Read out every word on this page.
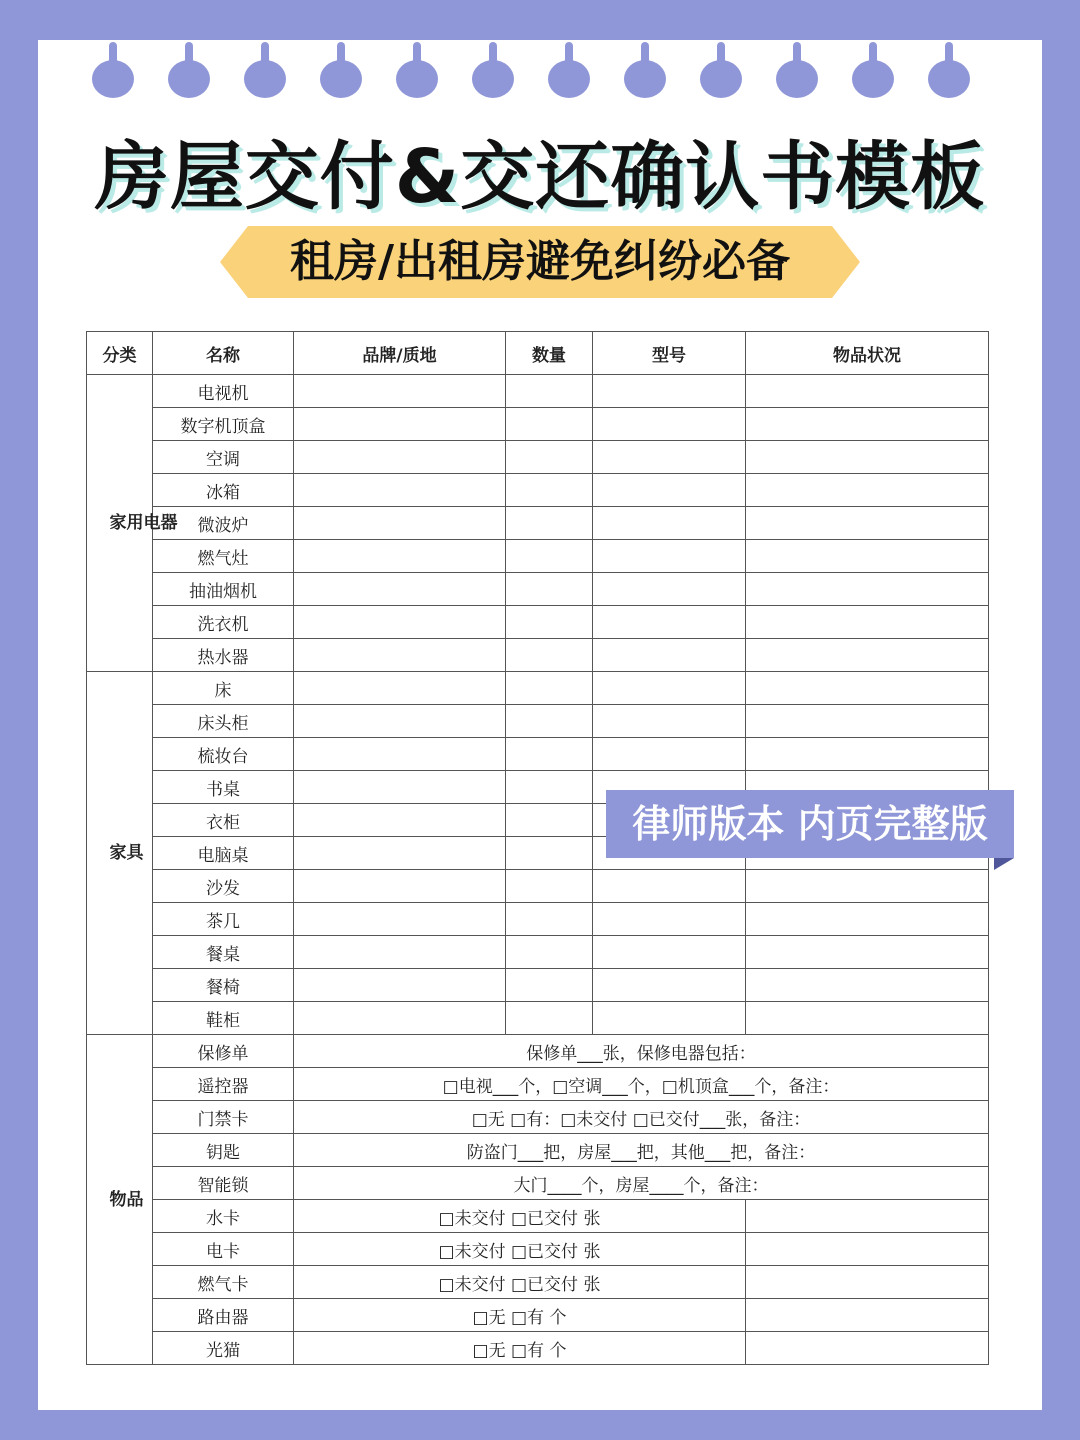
房屋交付&交还确认书模板
租房/出租房避免纠纷必备
分类	名称	品牌/质地	数量	型号	物品状况
家用电器	电视机				
	数字机顶盒				
	空调				
	冰箱				
	微波炉				
	燃气灶				
	抽油烟机				
	洗衣机				
	热水器				
家具	床				
	床头柜				
	梳妆台				
	书桌				
	衣柜				
	电脑桌				
	沙发				
	茶几				
	餐桌				
	餐椅				
	鞋柜				
物品	保修单	保修单___张，保修电器包括：			
	遥控器	□电视___个，□空调___个，□机顶盒___个，备注：			
	门禁卡	□无 □有：□未交付 □已交付___张，备注：			
	钥匙	防盗门___把，房屋___把，其他___把，备注：			
	智能锁	大门____个，房屋____个，备注：			
	水卡	□未交付 □已交付 张			
	电卡	□未交付 □已交付 张			
	燃气卡	□未交付 □已交付 张			
	路由器	□无 □有 个			
	光猫	□无 □有 个			
律师版本 内页完整版
